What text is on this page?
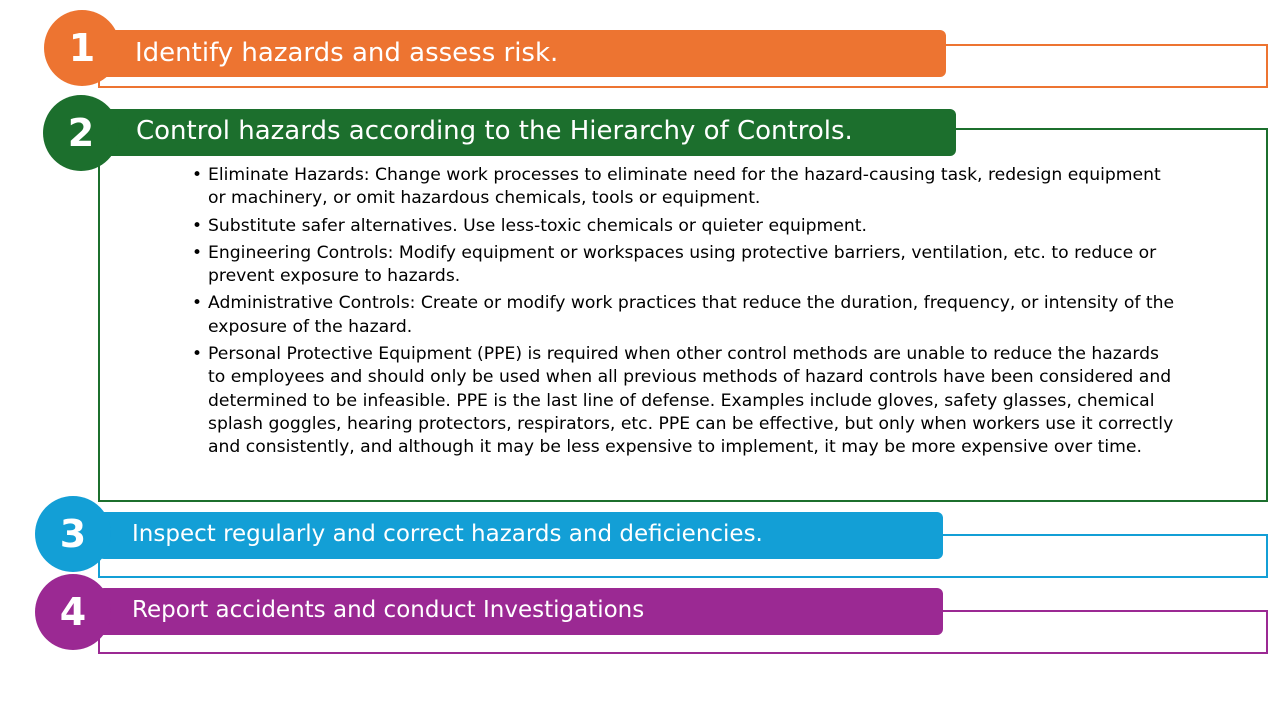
Identify hazards and assess risk.
1
Control hazards according to the Hierarchy of Controls.
2
• Eliminate Hazards: Change work processes to eliminate need for the hazard-causing task, redesign equipment or machinery, or omit hazardous chemicals, tools or equipment.
• Substitute safer alternatives. Use less-toxic chemicals or quieter equipment.
• Engineering Controls: Modify equipment or workspaces using protective barriers, ventilation, etc. to reduce or prevent exposure to hazards.
• Administrative Controls: Create or modify work practices that reduce the duration, frequency, or intensity of the exposure of the hazard.
• Personal Protective Equipment (PPE) is required when other control methods are unable to reduce the hazards to employees and should only be used when all previous methods of hazard controls have been considered and determined to be infeasible. PPE is the last line of defense. Examples include gloves, safety glasses, chemical splash goggles, hearing protectors, respirators, etc. PPE can be effective, but only when workers use it correctly and consistently, and although it may be less expensive to implement, it may be more expensive over time.
Inspect regularly and correct hazards and deficiencies.
3
Report accidents and conduct Investigations
4
